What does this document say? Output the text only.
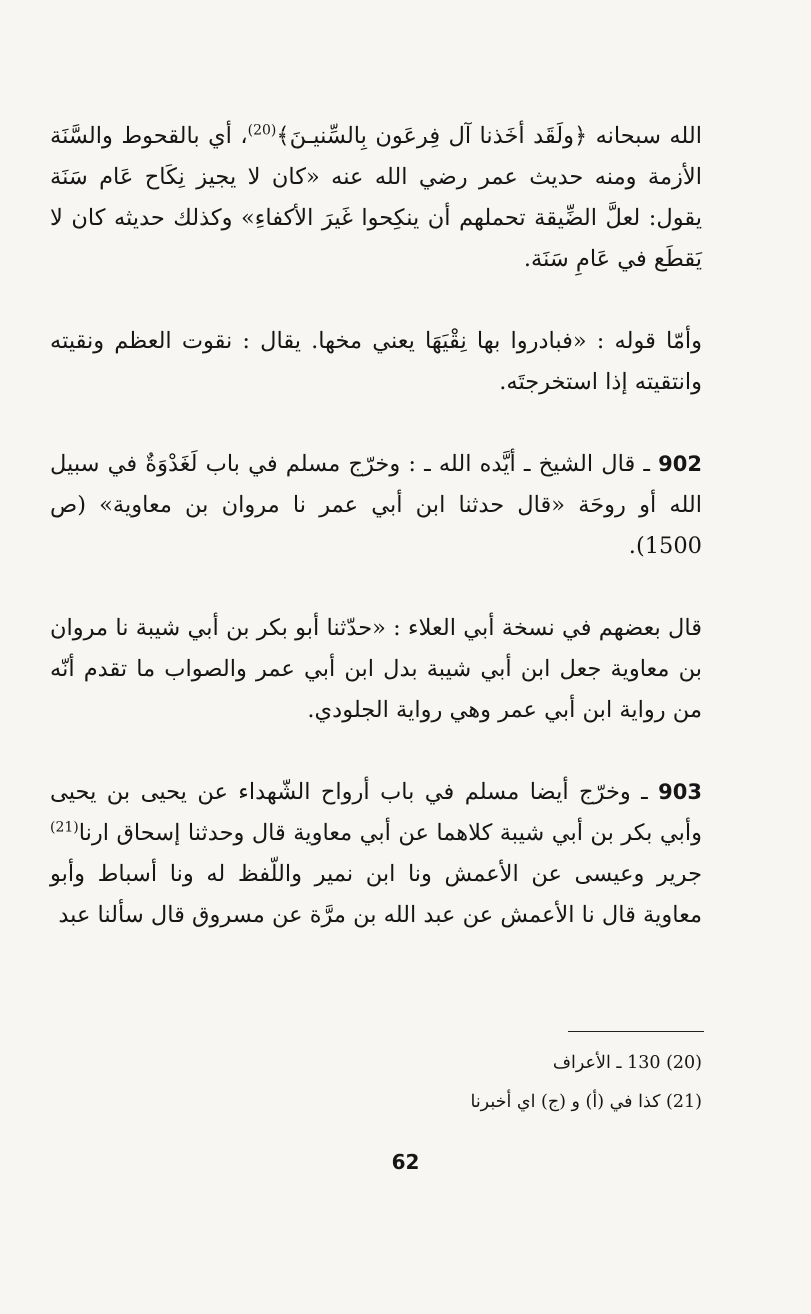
الله سبحانه ﴿ولَقَد أخَذنا آل فِرعَون بِالسِّنيـنَ﴾$^{(20)}$، أي بالقحوط والسَّنَة الأزمة ومنه حديث عمر رضي الله عنه «كان لا يجيز نِكَاح عَام سَنَة يقول: لعلَّ الضِّيقة تحملهم أن ينكِحوا غَيرَ الأكفاءِ» وكذلك حديثه كان لا يَقطَع في عَامِ سَنَة.

وأمّا قوله : «فبادروا بها نِقْيَهَا يعني مخها. يقال : نقوت العظم ونقيته وانتقيته إذا استخرجتَه.

902 ـ قال الشيخ ـ أيَّده الله ـ : وخرّج مسلم في باب لَغَدْوَةٌ في سبيل الله أو روحَة «قال حدثنا ابن أبي عمر نا مروان بن معاوية» (ص 1500).

قال بعضهم في نسخة أبي العلاء : «حدّثنا أبو بكر بن أبي شيبة نا مروان بن معاوية جعل ابن أبي شيبة بدل ابن أبي عمر والصواب ما تقدم أنّه من رواية ابن أبي عمر وهي رواية الجلودي.

903 ـ وخرّج أيضا مسلم في باب أرواح الشّهداء عن يحيى بن يحيى وأبي بكر بن أبي شيبة كلاهما عن أبي معاوية قال وحدثنا إسحاق ارنا$^{(21)}$ جرير وعيسى عن الأعمش ونا ابن نمير واللّفظ له ونا أسباط وأبو معاوية قال نا الأعمش عن عبد الله بن مرَّة عن مسروق قال سألنا عبد

(20) 130 ـ الأعراف

(21) كذا في (أ) و (ج) اي أخبرنا

62
